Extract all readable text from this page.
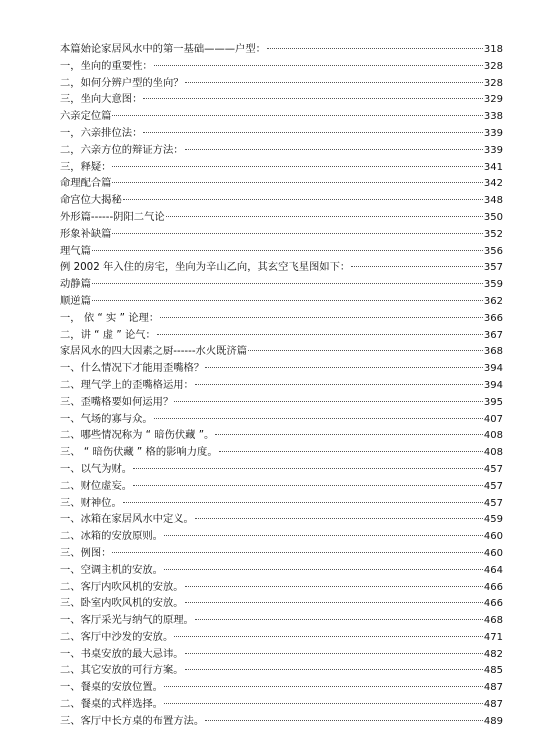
本篇始论家居风水中的第一基础———户型：	318
一，坐向的重要性：	328
二，如何分辨户型的坐向？	328
三，坐向大意图：	329
六亲定位篇	338
一，六亲排位法：	339
二，六亲方位的辩证方法：	339
三，释疑：	341
命理配合篇	342
命宫位大揭秘	348
外形篇------阴阳二气论	350
形象补缺篇	352
理气篇	356
例 2002 年入住的房宅，坐向为辛山乙向，其玄空飞星图如下：	357
动静篇	359
顺逆篇	362
一， 依 “ 实 ” 论理：	366
二，讲 “ 虚 ” 论气：	367
家居风水的四大因素之厨------水火既济篇	368
一、什么情况下才能用歪嘴格？	394
二、理气学上的歪嘴格运用：	394
三、歪嘴格要如何运用？	395
一、气场的寡与众。	407
二、哪些情况称为 “ 暗伤伏藏 ”。	408
三、 “ 暗伤伏藏 ” 格的影响力度。	408
一、以气为财。	457
二、财位虚妄。	457
三、财神位。	457
一、冰箱在家居风水中定义。	459
二、冰箱的安放原则。	460
三、例图：	460
一、空调主机的安放。	464
二、客厅内吹风机的安放。	466
三、卧室内吹风机的安放。	466
一、客厅采光与纳气的原理。	468
二、客厅中沙发的安放。	471
一、书桌安放的最大忌讳。	482
二、其它安放的可行方案。	485
一、餐桌的安放位置。	487
二、餐桌的式样选择。	487
三、客厅中长方桌的布置方法。	489
